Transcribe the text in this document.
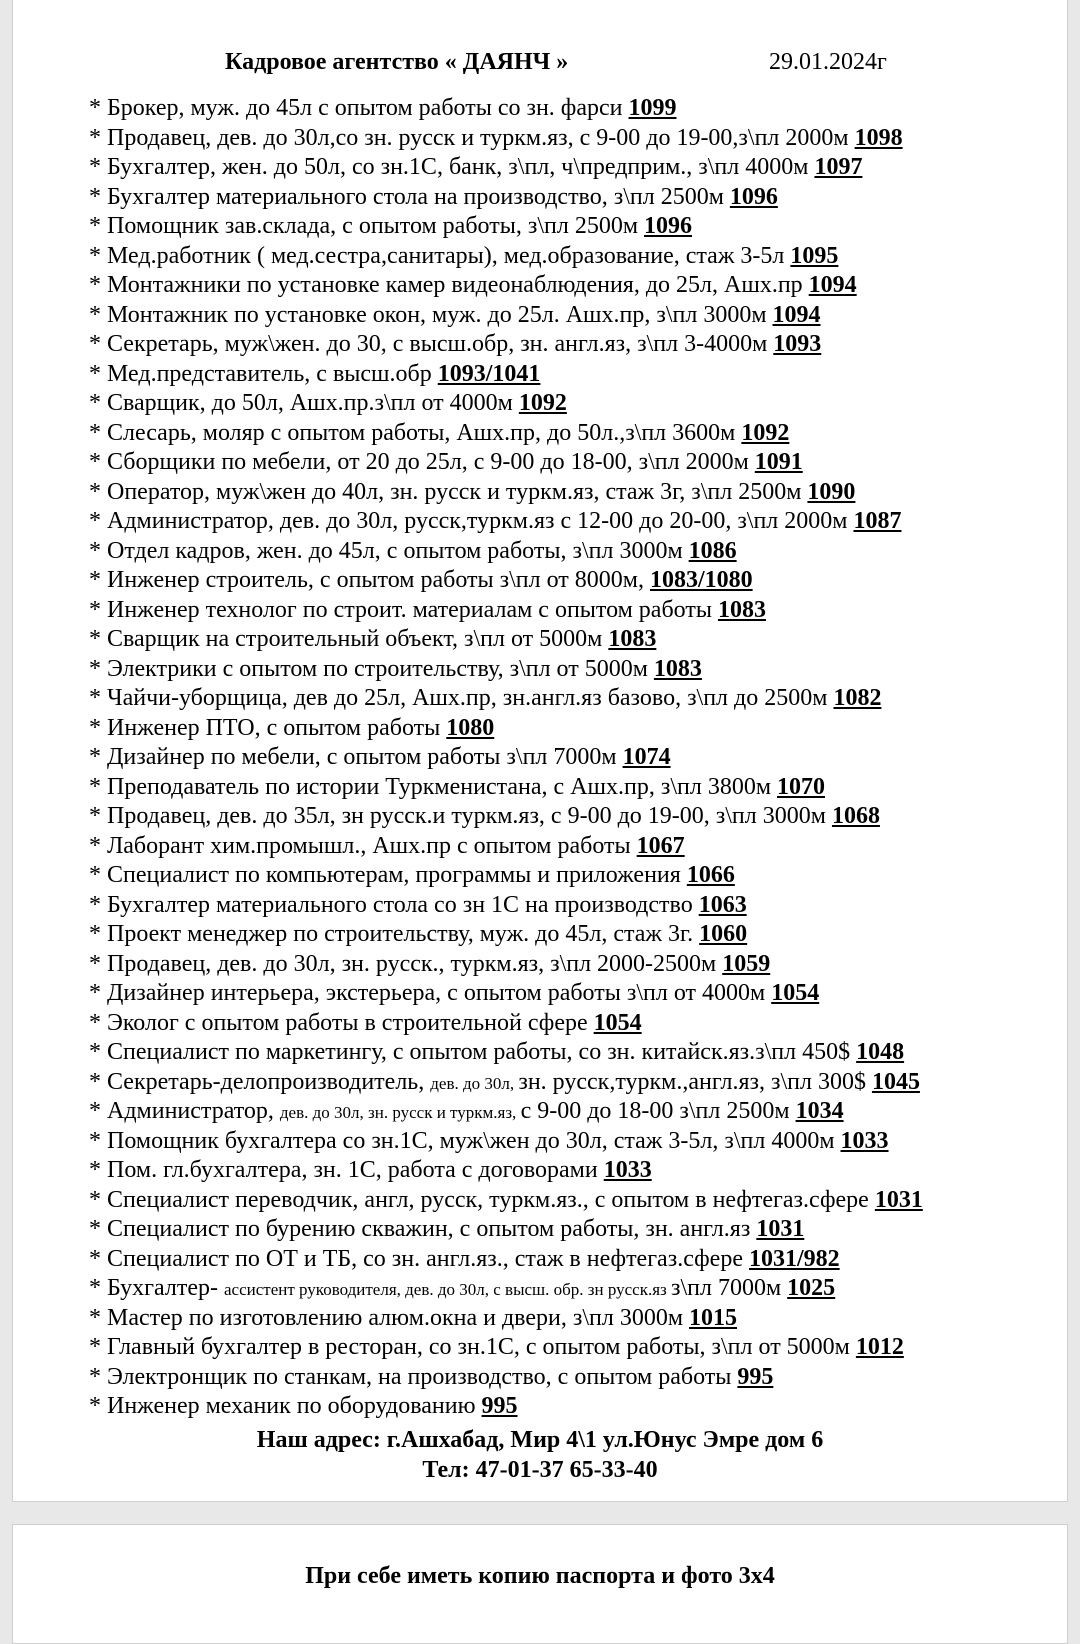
Кадровое агентство « ДАЯНЧ »	29.01.2024г
* Брокер, муж. до 45л с опытом работы со зн. фарси 1099
* Продавец, дев. до 30л,со зн. русск и туркм.яз, с 9-00 до 19-00,з\пл 2000м 1098
* Бухгалтер, жен. до 50л, со зн.1С, банк, з\пл, ч\предприм., з\пл 4000м 1097
* Бухгалтер материального стола на производство, з\пл 2500м 1096
* Помощник зав.склада, с опытом работы, з\пл 2500м 1096
* Мед.работник ( мед.сестра,санитары), мед.образование, стаж 3-5л 1095
* Монтажники по установке камер видеонаблюдения, до 25л, Ашх.пр 1094
* Монтажник по установке окон, муж. до 25л. Ашх.пр, з\пл 3000м 1094
* Секретарь, муж\жен. до 30, с высш.обр, зн. англ.яз, з\пл 3-4000м 1093
* Мед.представитель, с высш.обр 1093/1041
* Сварщик, до 50л, Ашх.пр.з\пл от 4000м 1092
* Слесарь, моляр с опытом работы, Ашх.пр, до 50л.,з\пл 3600м 1092
* Сборщики по мебели, от 20 до 25л, с 9-00 до 18-00, з\пл 2000м 1091
* Оператор, муж\жен до 40л, зн. русск и туркм.яз, стаж 3г, з\пл 2500м 1090
* Администратор, дев. до 30л, русск,туркм.яз с 12-00 до 20-00, з\пл 2000м 1087
* Отдел кадров, жен. до 45л, с опытом работы, з\пл 3000м 1086
* Инженер строитель, с опытом работы з\пл от 8000м, 1083/1080
* Инженер технолог по строит. материалам с опытом работы 1083
* Сварщик на строительный объект, з\пл от 5000м 1083
* Электрики с опытом по строительству, з\пл от 5000м 1083
* Чайчи-уборщица, дев до 25л, Ашх.пр, зн.англ.яз базово, з\пл до 2500м 1082
* Инженер ПТО, с опытом работы 1080
* Дизайнер по мебели, с опытом работы з\пл 7000м 1074
* Преподаватель по истории Туркменистана, с Ашх.пр, з\пл 3800м 1070
* Продавец, дев. до 35л, зн русск.и туркм.яз, с 9-00 до 19-00, з\пл 3000м 1068
* Лаборант хим.промышл., Ашх.пр с опытом работы 1067
* Специалист по компьютерам, программы и приложения 1066
* Бухгалтер материального стола со зн 1С на производство 1063
* Проект менеджер по строительству, муж. до 45л, стаж 3г. 1060
* Продавец, дев. до 30л, зн. русск., туркм.яз, з\пл 2000-2500м 1059
* Дизайнер интерьера, экстерьера, с опытом работы з\пл от 4000м 1054
* Эколог с опытом работы в строительной сфере 1054
* Специалист по маркетингу, с опытом работы, со зн. китайск.яз.з\пл 450$ 1048
* Секретарь-делопроизводитель, дев. до 30л, зн. русск,туркм.,англ.яз, з\пл 300$ 1045
* Администратор, дев. до 30л, зн. русск и туркм.яз, с 9-00 до 18-00 з\пл 2500м 1034
* Помощник бухгалтера со зн.1С, муж\жен до 30л, стаж 3-5л, з\пл 4000м 1033
* Пом. гл.бухгалтера, зн. 1С, работа с договорами 1033
* Специалист переводчик, англ, русск, туркм.яз., с опытом в нефтегаз.сфере 1031
* Специалист по бурению скважин, с опытом работы, зн. англ.яз 1031
* Специалист по ОТ и ТБ, со зн. англ.яз., стаж в нефтегаз.сфере 1031/982
* Бухгалтер- ассистент руководителя, дев. до 30л, с высш. обр. зн русск.яз з\пл 7000м 1025
* Мастер по изготовлению алюм.окна и двери, з\пл 3000м 1015
* Главный бухгалтер в ресторан, со зн.1С, с опытом работы, з\пл от 5000м 1012
* Электронщик по станкам, на производство, с опытом работы 995
* Инженер механик по оборудованию 995
Наш адрес: г.Ашхабад, Мир 4\1 ул.Юнус Эмре дом 6
Тел: 47-01-37 65-33-40
При себе иметь копию паспорта и фото 3х4
